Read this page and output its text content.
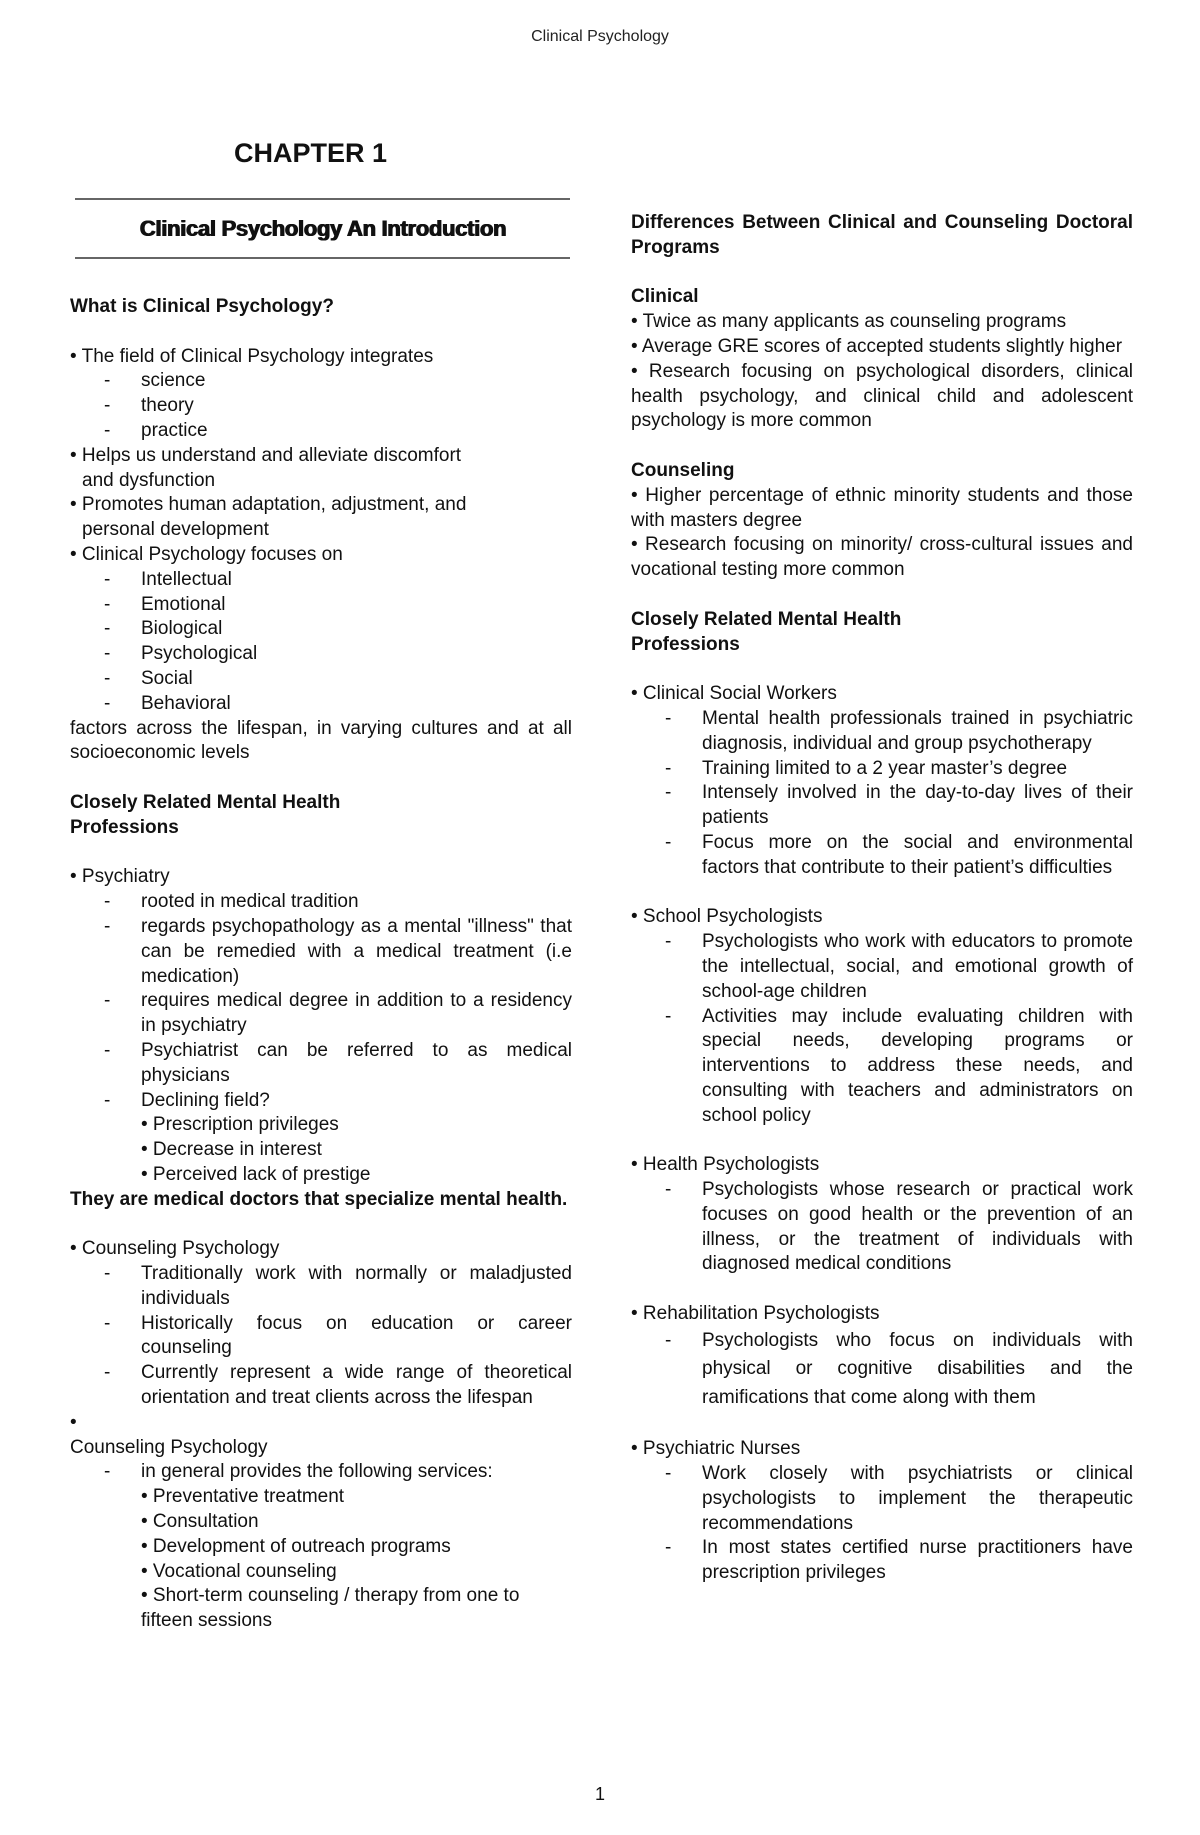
Clinical Psychology
CHAPTER 1
Clinical Psychology An Introduction

What is Clinical Psychology?

• The field of Clinical Psychology integrates

- science

- theory

- practice

• Helps us understand and alleviate discomfort

and dysfunction

• Promotes human adaptation, adjustment, and

personal development

• Clinical Psychology focuses on

- Intellectual

- Emotional

- Biological

- Psychological

- Social

- Behavioral

factors across the lifespan, in varying cultures and at all socioeconomic levels

Closely Related Mental Health

Professions

• Psychiatry

- rooted in medical tradition

- regards psychopathology as a mental "illness" that can be remedied with a medical treatment (i.e medication)

- requires medical degree in addition to a residency in psychiatry

- Psychiatrist can be referred to as medical physicians

- Declining field?

• Prescription privileges

• Decrease in interest

• Perceived lack of prestige

They are medical doctors that specialize mental health.

• Counseling Psychology

- Traditionally work with normally or maladjusted individuals

- Historically focus on education or career counseling

- Currently represent a wide range of theoretical orientation and treat clients across the lifespan

•

Counseling Psychology

- in general provides the following services:

• Preventative treatment

• Consultation

• Development of outreach programs

• Vocational counseling

• Short-term counseling / therapy from one to fifteen sessions

Differences Between Clinical and Counseling Doctoral Programs

Clinical

• Twice as many applicants as counseling programs

• Average GRE scores of accepted students slightly higher

• Research focusing on psychological disorders, clinical health psychology, and clinical child and adolescent psychology is more common

Counseling

• Higher percentage of ethnic minority students and those with masters degree

• Research focusing on minority/ cross-cultural issues and vocational testing more common

Closely Related Mental Health

Professions

• Clinical Social Workers

- Mental health professionals trained in psychiatric diagnosis, individual and group psychotherapy

- Training limited to a 2 year master’s degree

- Intensely involved in the day-to-day lives of their patients

- Focus more on the social and environmental factors that contribute to their patient’s difficulties

• School Psychologists

- Psychologists who work with educators to promote the intellectual, social, and emotional growth of school-age children

- Activities may include evaluating children with special needs, developing programs or interventions to address these needs, and consulting with teachers and administrators on school policy

• Health Psychologists

- Psychologists whose research or practical work focuses on good health or the prevention of an illness, or the treatment of individuals with diagnosed medical conditions

• Rehabilitation Psychologists

- Psychologists who focus on individuals with physical or cognitive disabilities and the ramifications that come along with them

• Psychiatric Nurses

- Work closely with psychiatrists or clinical psychologists to implement the therapeutic recommendations

- In most states certified nurse practitioners have prescription privileges

1
